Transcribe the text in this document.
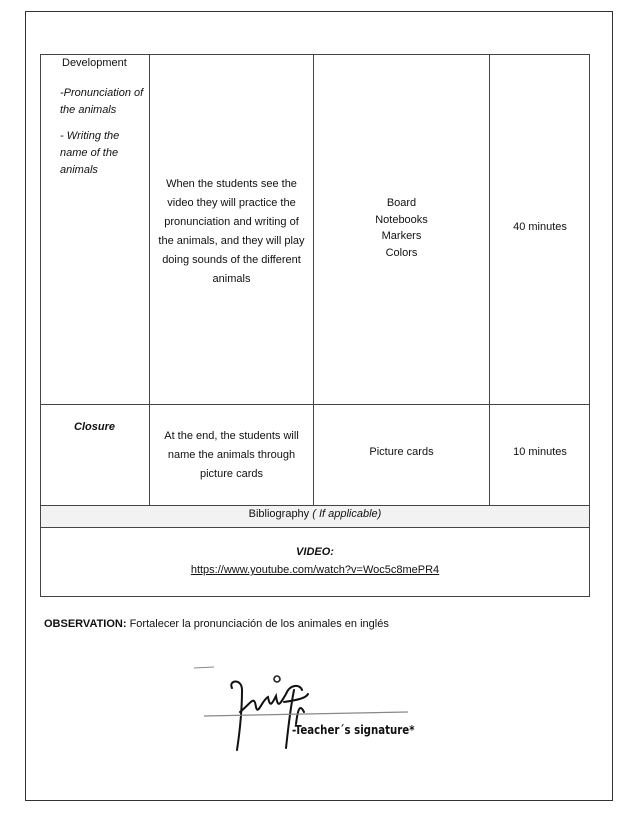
Development
-Pronunciation of the animals
- Writing the name of the animals
When the students see the
video they will practice the
pronunciation and writing of
the animals, and they will play
doing sounds of the different
animals
Board
Notebooks
Markers
Colors
40 minutes
Closure
At the end, the students will
name the animals through
picture cards
Picture cards	10 minutes
Bibliography ( If applicable)
VIDEO:
https://www.youtube.com/watch?v=Woc5c8mePR4
OBSERVATION: Fortalecer la pronunciación de los animales en inglés
-Teacher´s signature*
